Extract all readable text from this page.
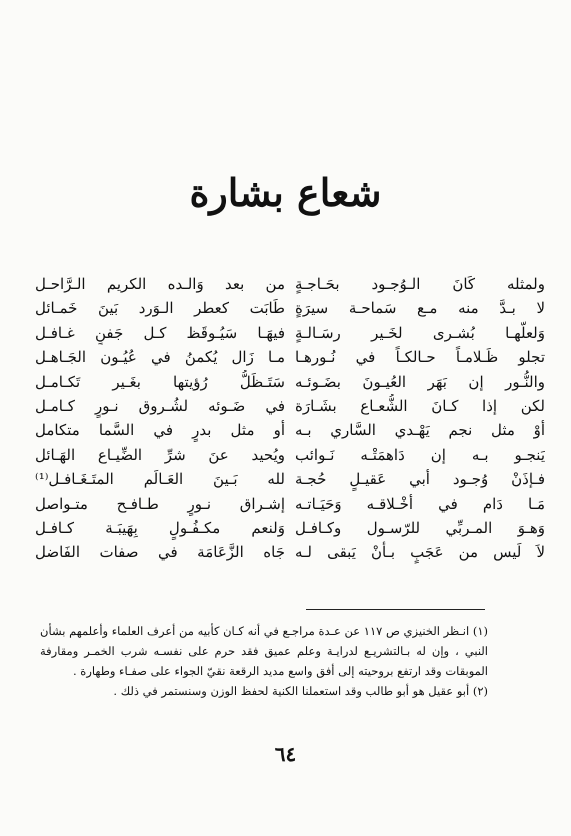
شعاع بشارة
ولمثله كَانَ الـوُجـود بحَـاجـةٍ
لا بـدَّ منه مـع سَماحـة سيرَةٍ
وَلعلّهـا بُشـرى لخَـير رسَـالـةٍ
تجلو ظَـلامـاً حـالكـاً في نُـورهـا
والنُّـور إن بَهَر العُيـونَ بضَـوئـه
لكن إذا كـانَ الشُّعـاع بشَـارَة
أوْ مثل نجم يَهْـدي السَّاري بـه
يَنجـو بـه إن دَاهمَتْـه نَـوائب
فـإذَنْ وُجـود أبي عَقيـلٍ حُجـة
مَـا دَام في أخْـلاقـه وَحَيَـاتـه
وَهـوَ المـربِّي للرّسـول وكـافـل
لاَ لَيس من عَجَبٍ بـأنْ يَبقى لـه
من بعد وَالـده الكريم الـرَّاحـل
طَابَت كعطر الـوَرد بَينَ خَمـائل
فيهَـا سَيُـوقَظ كـل جَفنٍ غـافـل
مـا زَال يُكمنُ في عُيُـون الجَـاهـل
سَتَـظَلُّ رُؤيتها بغَـير تَكـامـل
في ضَـوئه لشُـروق نـورٍ كـامـل
أو مثل بدرٍ في السَّما متكامل
ويُحيد عنَ شرِّ الضِّيـاع الهَـائل
لله بَـينَ العَـالَم المتَـغَـافـل⁽¹⁾
إشـراق نـورٍ طـافـح متـواصل
وَلنعم مكـفُـولٍ بِهَيبَـة كـافـل
جَاه الزَّعَامَة في صفات الفَاضل

(١) انـظر الخنيزي ص ١١٧ عن عـدة مراجـع في أنه كـان كأبيه من أعرف العلماء وأعلمهم بشأن النبي ، وإن له بـالتشريـع لدرايـة وعلم عميق فقد حرم على نفسـه شرب الخمـر ومقارفة الموبقات وقد ارتفع بروحيته إلى أفق واسع مديد الرقعة نقيّ الجواء على صفـاء وطهارة .

(٢) أبو عقيل هو أبو طالب وقد استعملنا الكنية لحفظ الوزن وسنستمر في ذلك .

٦٤
